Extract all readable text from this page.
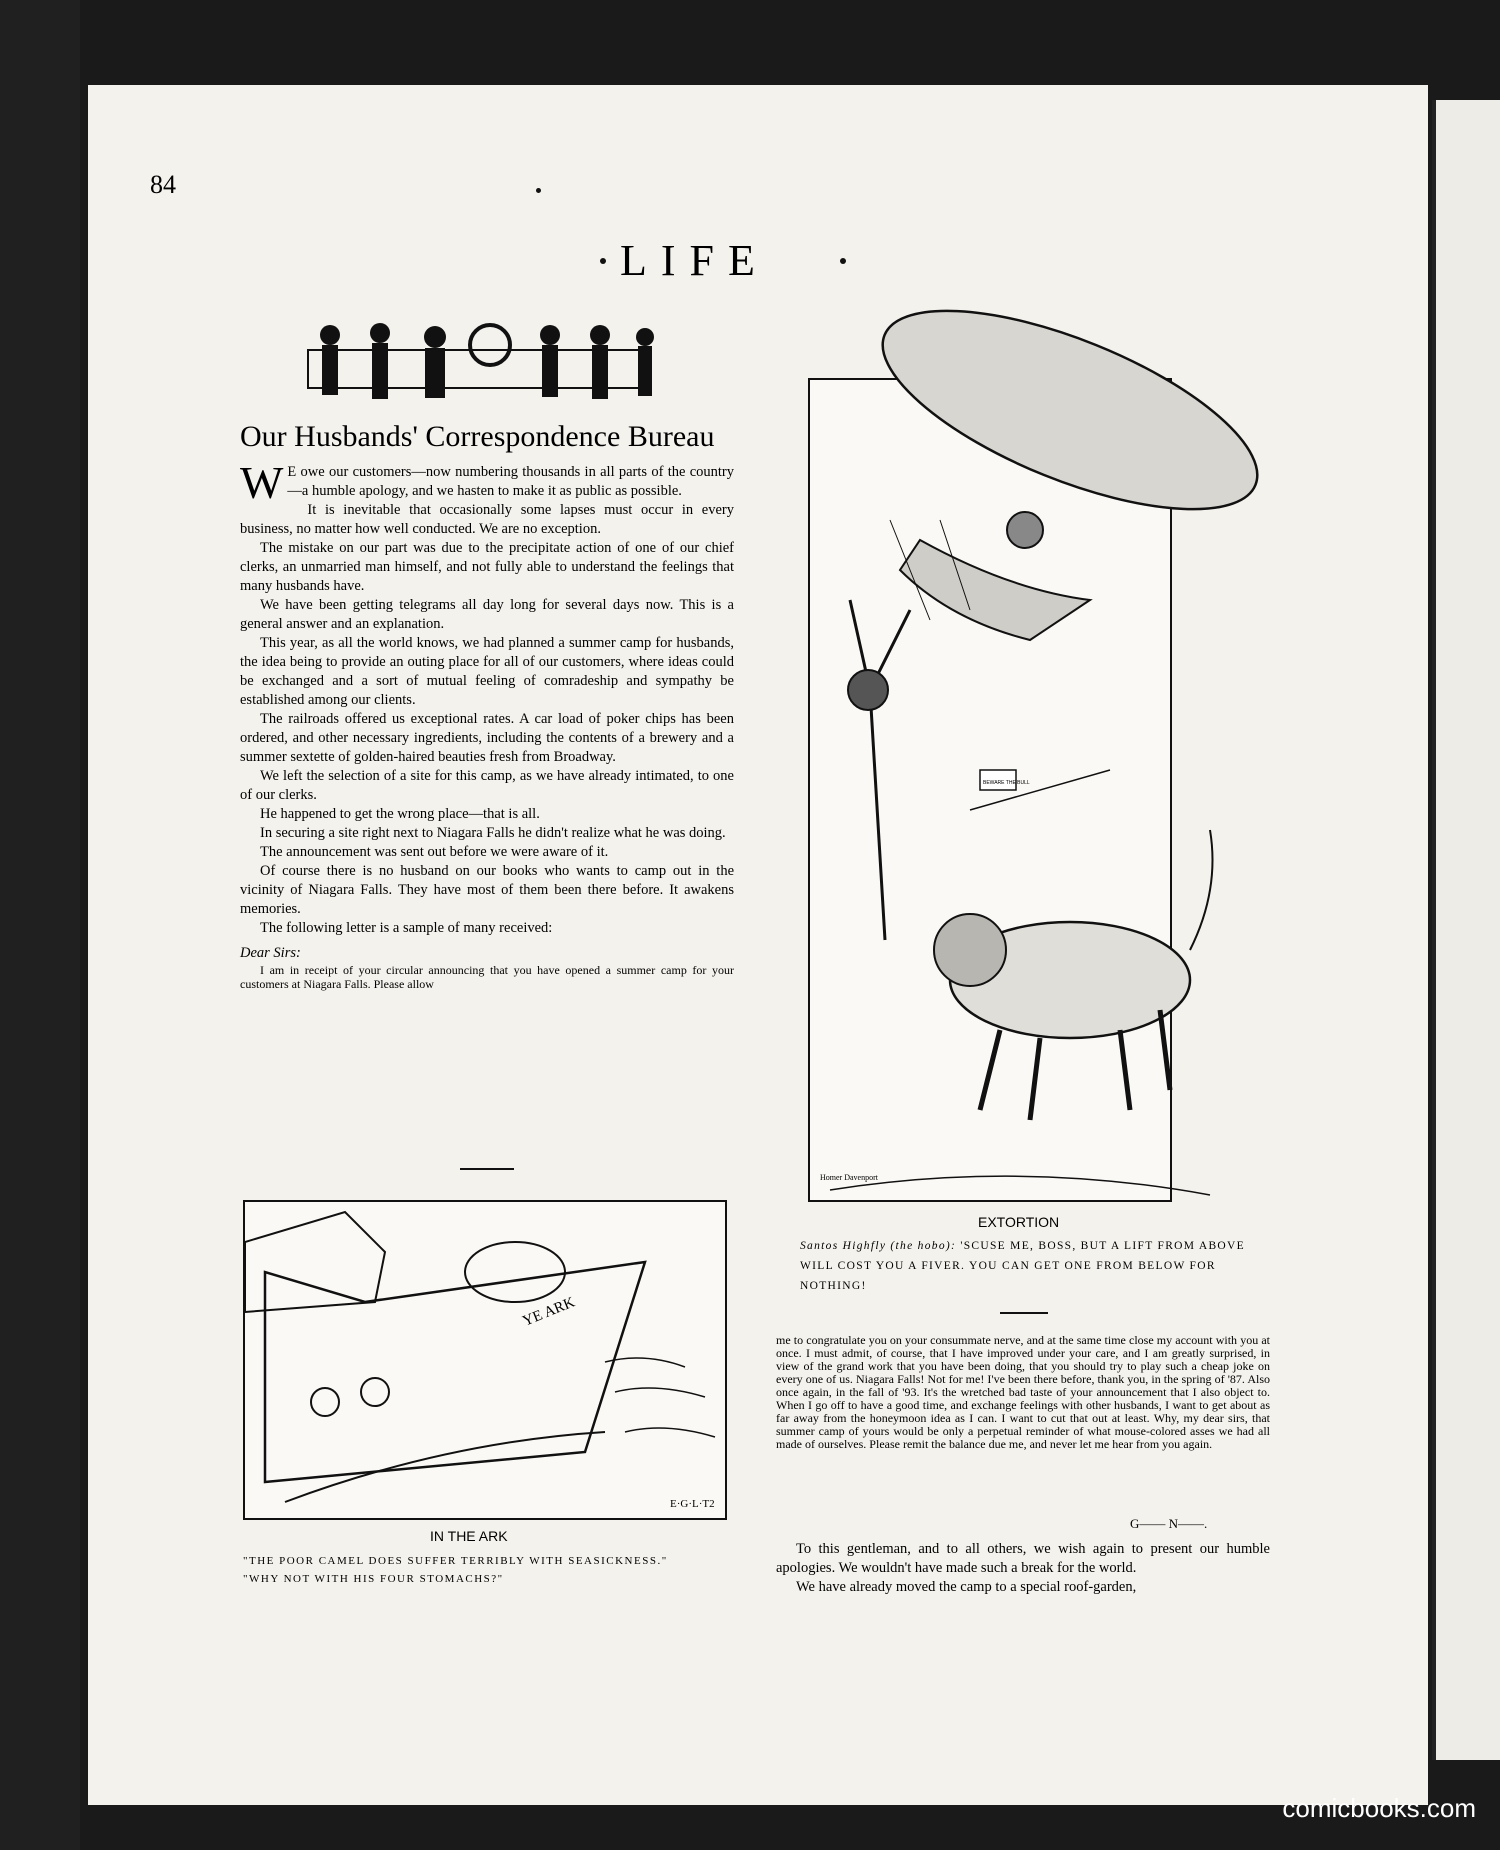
84
LIFE
Our Husbands' Correspondence Bureau

W E owe our customers—now numbering thousands in all parts of the country—a humble apology, and we hasten to make it as public as possible.

It is inevitable that occasionally some lapses must occur in every business, no matter how well conducted. We are no exception.

The mistake on our part was due to the precipitate action of one of our chief clerks, an unmarried man himself, and not fully able to understand the feelings that many husbands have.

We have been getting telegrams all day long for several days now. This is a general answer and an explanation.

This year, as all the world knows, we had planned a summer camp for husbands, the idea being to provide an outing place for all of our customers, where ideas could be exchanged and a sort of mutual feeling of comradeship and sympathy be established among our clients.

The railroads offered us exceptional rates. A car load of poker chips has been ordered, and other necessary ingredients, including the contents of a brewery and a summer sextette of golden-haired beauties fresh from Broadway.

We left the selection of a site for this camp, as we have already intimated, to one of our clerks.

He happened to get the wrong place—that is all.

In securing a site right next to Niagara Falls he didn't realize what he was doing.

The announcement was sent out before we were aware of it.

Of course there is no husband on our books who wants to camp out in the vicinity of Niagara Falls. They have most of them been there before. It awakens memories.

The following letter is a sample of many received:

Dear Sirs:

I am in receipt of your circular announcing that you have opened a summer camp for your customers at Niagara Falls. Please allow

YE ARK
E·G·L·T2
IN THE ARK
"THE POOR CAMEL DOES SUFFER TERRIBLY WITH SEASICKNESS."
"WHY NOT WITH HIS FOUR STOMACHS?"
BEWARE THE BULL
Homer Davenport
EXTORTION
Santos Highfly (the hobo): 'SCUSE ME, BOSS, BUT A LIFT FROM ABOVE WILL COST YOU A FIVER. YOU CAN GET ONE FROM BELOW FOR NOTHING!

me to congratulate you on your consummate nerve, and at the same time close my account with you at once. I must admit, of course, that I have improved under your care, and I am greatly surprised, in view of the grand work that you have been doing, that you should try to play such a cheap joke on every one of us. Niagara Falls! Not for me! I've been there before, thank you, in the spring of '87. Also once again, in the fall of '93. It's the wretched bad taste of your announcement that I also object to. When I go off to have a good time, and exchange feelings with other husbands, I want to get about as far away from the honeymoon idea as I can. I want to cut that out at least. Why, my dear sirs, that summer camp of yours would be only a perpetual reminder of what mouse-colored asses we had all made of ourselves. Please remit the balance due me, and never let me hear from you again.

G—— N——.

To this gentleman, and to all others, we wish again to present our humble apologies. We wouldn't have made such a break for the world.

We have already moved the camp to a special roof-garden,

comicbooks.com
